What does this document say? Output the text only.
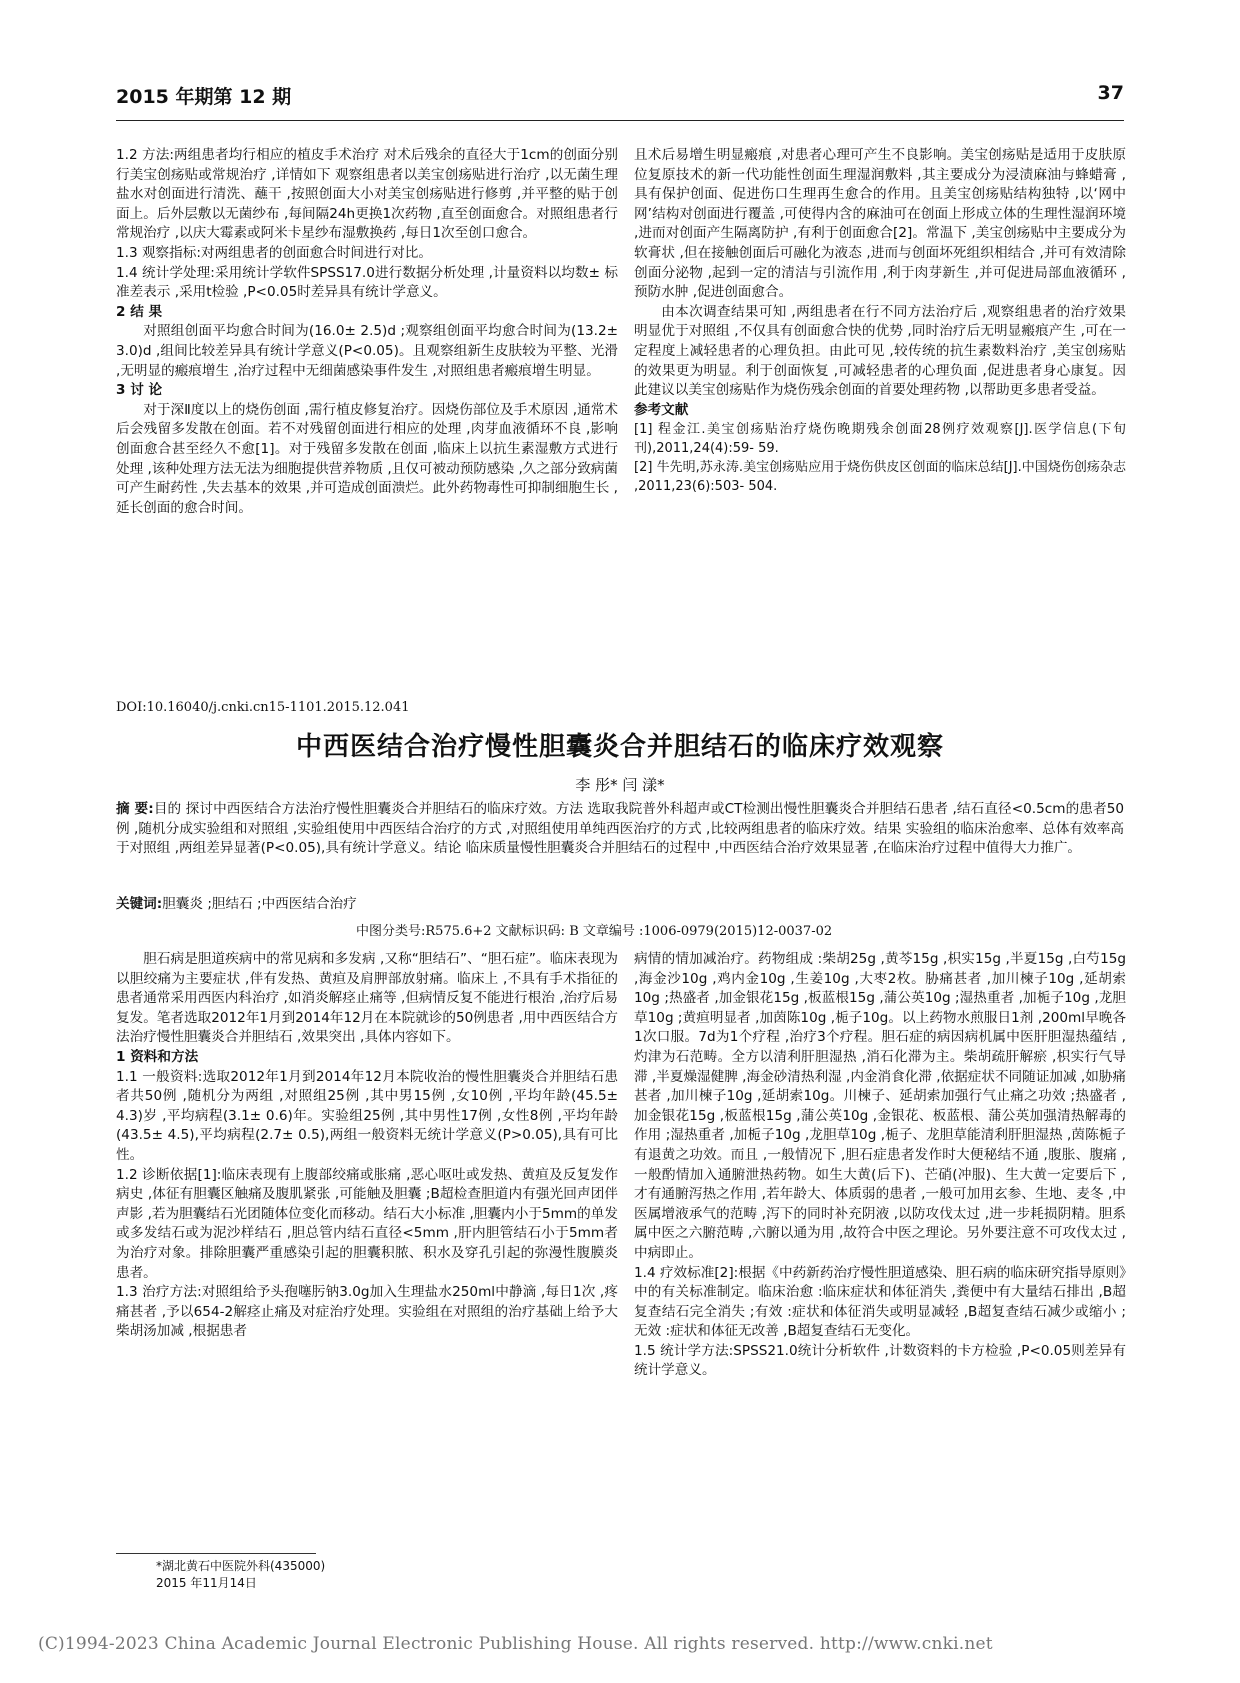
2015 年期第 12 期	37

1.2 方法:两组患者均行相应的植皮手术治疗 对术后残余的直径大于1cm的创面分别行美宝创疡贴或常规治疗 ,详情如下 观察组患者以美宝创疡贴进行治疗 ,以无菌生理盐水对创面进行清洗、蘸干 ,按照创面大小对美宝创疡贴进行修剪 ,并平整的贴于创面上。后外层敷以无菌纱布 ,每间隔24h更换1次药物 ,直至创面愈合。对照组患者行常规治疗 ,以庆大霉素或阿米卡星纱布湿敷换药 ,每日1次至创口愈合。

1.3 观察指标:对两组患者的创面愈合时间进行对比。

1.4 统计学处理:采用统计学软件SPSS17.0进行数据分析处理 ,计量资料以均数± 标准差表示 ,采用t检验 ,P<0.05时差异具有统计学意义。

2 结 果

对照组创面平均愈合时间为(16.0± 2.5)d ;观察组创面平均愈合时间为(13.2± 3.0)d ,组间比较差异具有统计学意义(P<0.05)。且观察组新生皮肤较为平整、光滑 ,无明显的瘢痕增生 ,治疗过程中无细菌感染事件发生 ,对照组患者瘢痕增生明显。

3 讨 论

对于深Ⅱ度以上的烧伤创面 ,需行植皮修复治疗。因烧伤部位及手术原因 ,通常术后会残留多发散在创面。若不对残留创面进行相应的处理 ,肉芽血液循环不良 ,影响创面愈合甚至经久不愈[1]。对于残留多发散在创面 ,临床上以抗生素湿敷方式进行处理 ,该种处理方法无法为细胞提供营养物质 ,且仅可被动预防感染 ,久之部分致病菌可产生耐药性 ,失去基本的效果 ,并可造成创面溃烂。此外药物毒性可抑制细胞生长 ,延长创面的愈合时间。

且术后易增生明显瘢痕 ,对患者心理可产生不良影响。美宝创疡贴是适用于皮肤原位复原技术的新一代功能性创面生理湿润敷料 ,其主要成分为浸渍麻油与蜂蜡膏 ,具有保护创面、促进伤口生理再生愈合的作用。且美宝创疡贴结构独特 ,以‘网中网’结构对创面进行覆盖 ,可使得内含的麻油可在创面上形成立体的生理性湿润环境 ,进而对创面产生隔离防护 ,有利于创面愈合[2]。常温下 ,美宝创疡贴中主要成分为软膏状 ,但在接触创面后可融化为液态 ,进而与创面坏死组织相结合 ,并可有效清除创面分泌物 ,起到一定的清洁与引流作用 ,利于肉芽新生 ,并可促进局部血液循环 ,预防水肿 ,促进创面愈合。

由本次调查结果可知 ,两组患者在行不同方法治疗后 ,观察组患者的治疗效果明显优于对照组 ,不仅具有创面愈合快的优势 ,同时治疗后无明显瘢痕产生 ,可在一定程度上减轻患者的心理负担。由此可见 ,较传统的抗生素数料治疗 ,美宝创疡贴的效果更为明显。利于创面恢复 ,可减轻患者的心理负面 ,促进患者身心康复。因此建议以美宝创疡贴作为烧伤残余创面的首要处理药物 ,以帮助更多患者受益。

参考文献

[1] 程金江.美宝创疡贴治疗烧伤晚期残余创面28例疗效观察[J].医学信息(下旬刊),2011,24(4):59- 59.

[2] 牛先明,苏永涛.美宝创疡贴应用于烧伤供皮区创面的临床总结[J].中国烧伤创疡杂志 ,2011,23(6):503- 504.

DOI:10.16040/j.cnki.cn15-1101.2015.12.041
中西医结合治疗慢性胆囊炎合并胆结石的临床疗效观察
李 彤* 闫 漾*

摘 要:目的 探讨中西医结合方法治疗慢性胆囊炎合并胆结石的临床疗效。方法 选取我院普外科超声或CT检测出慢性胆囊炎合并胆结石患者 ,结石直径<0.5cm的患者50例 ,随机分成实验组和对照组 ,实验组使用中西医结合治疗的方式 ,对照组使用单纯西医治疗的方式 ,比较两组患者的临床疗效。结果 实验组的临床治愈率、总体有效率高于对照组 ,两组差异显著(P<0.05),具有统计学意义。结论 临床质量慢性胆囊炎合并胆结石的过程中 ,中西医结合治疗效果显著 ,在临床治疗过程中值得大力推广。

关键词:胆囊炎 ;胆结石 ;中西医结合治疗
中图分类号:R575.6+2 文献标识码: B 文章编号 :1006-0979(2015)12-0037-02

胆石病是胆道疾病中的常见病和多发病 ,又称“胆结石”、“胆石症”。临床表现为以胆绞痛为主要症状 ,伴有发热、黄疸及肩胛部放射痛。临床上 ,不具有手术指征的患者通常采用西医内科治疗 ,如消炎解痉止痛等 ,但病情反复不能进行根治 ,治疗后易复发。笔者选取2012年1月到2014年12月在本院就诊的50例患者 ,用中西医结合方法治疗慢性胆囊炎合并胆结石 ,效果突出 ,具体内容如下。

1 资料和方法

1.1 一般资料:选取2012年1月到2014年12月本院收治的慢性胆囊炎合并胆结石患者共50例 ,随机分为两组 ,对照组25例 ,其中男15例 ,女10例 ,平均年龄(45.5± 4.3)岁 ,平均病程(3.1± 0.6)年。实验组25例 ,其中男性17例 ,女性8例 ,平均年龄(43.5± 4.5),平均病程(2.7± 0.5),两组一般资料无统计学意义(P>0.05),具有可比性。

1.2 诊断依据[1]:临床表现有上腹部绞痛或胀痛 ,恶心呕吐或发热、黄疸及反复发作病史 ,体征有胆囊区触痛及腹肌紧张 ,可能触及胆囊 ;B超检查胆道内有强光回声团伴声影 ,若为胆囊结石光团随体位变化而移动。结石大小标准 ,胆囊内小于5mm的单发或多发结石或为泥沙样结石 ,胆总管内结石直径<5mm ,肝内胆管结石小于5mm者为治疗对象。排除胆囊严重感染引起的胆囊积脓、积水及穿孔引起的弥漫性腹膜炎患者。

1.3 治疗方法:对照组给予头孢噻肟钠3.0g加入生理盐水250ml中静滴 ,每日1次 ,疼痛甚者 ,予以654-2解痉止痛及对症治疗处理。实验组在对照组的治疗基础上给予大柴胡汤加减 ,根据患者

病情的情加减治疗。药物组成 :柴胡25g ,黄芩15g ,枳实15g ,半夏15g ,白芍15g ,海金沙10g ,鸡内金10g ,生姜10g ,大枣2枚。胁痛甚者 ,加川楝子10g ,延胡索10g ;热盛者 ,加金银花15g ,板蓝根15g ,蒲公英10g ;湿热重者 ,加栀子10g ,龙胆草10g ;黄疸明显者 ,加茵陈10g ,栀子10g。以上药物水煎服日1剂 ,200ml早晚各1次口服。7d为1个疗程 ,治疗3个疗程。胆石症的病因病机属中医肝胆湿热蕴结 ,灼津为石范畴。全方以清利肝胆湿热 ,消石化滞为主。柴胡疏肝解瘀 ,枳实行气导滞 ,半夏燥湿健脾 ,海金砂清热利湿 ,内金消食化滞 ,依据症状不同随证加减 ,如胁痛甚者 ,加川楝子10g ,延胡索10g。川楝子、延胡索加强行气止痛之功效 ;热盛者 ,加金银花15g ,板蓝根15g ,蒲公英10g ,金银花、板蓝根、蒲公英加强清热解毒的作用 ;湿热重者 ,加栀子10g ,龙胆草10g ,栀子、龙胆草能清利肝胆湿热 ,茵陈栀子有退黄之功效。而且 ,一般情况下 ,胆石症患者发作时大便秘结不通 ,腹胀、腹痛 ,一般酌情加入通腑泄热药物。如生大黄(后下)、芒硝(冲服)、生大黄一定要后下 ,才有通腑泻热之作用 ,若年龄大、体质弱的患者 ,一般可加用玄参、生地、麦冬 ,中医属增液承气的范畴 ,泻下的同时补充阴液 ,以防攻伐太过 ,进一步耗损阴精。胆系属中医之六腑范畴 ,六腑以通为用 ,故符合中医之理论。另外要注意不可攻伐太过 ,中病即止。

1.4 疗效标准[2]:根据《中药新药治疗慢性胆道感染、胆石病的临床研究指导原则》中的有关标准制定。临床治愈 :临床症状和体征消失 ,粪便中有大量结石排出 ,B超复查结石完全消失 ;有效 :症状和体征消失或明显减轻 ,B超复查结石减少或缩小 ;无效 :症状和体征无改善 ,B超复查结石无变化。

1.5 统计学方法:SPSS21.0统计分析软件 ,计数资料的卡方检验 ,P<0.05则差异有统计学意义。

*湖北黄石中医院外科(435000)
2015 年11月14日
(C)1994-2023 China Academic Journal Electronic Publishing House. All rights reserved. http://www.cnki.net
